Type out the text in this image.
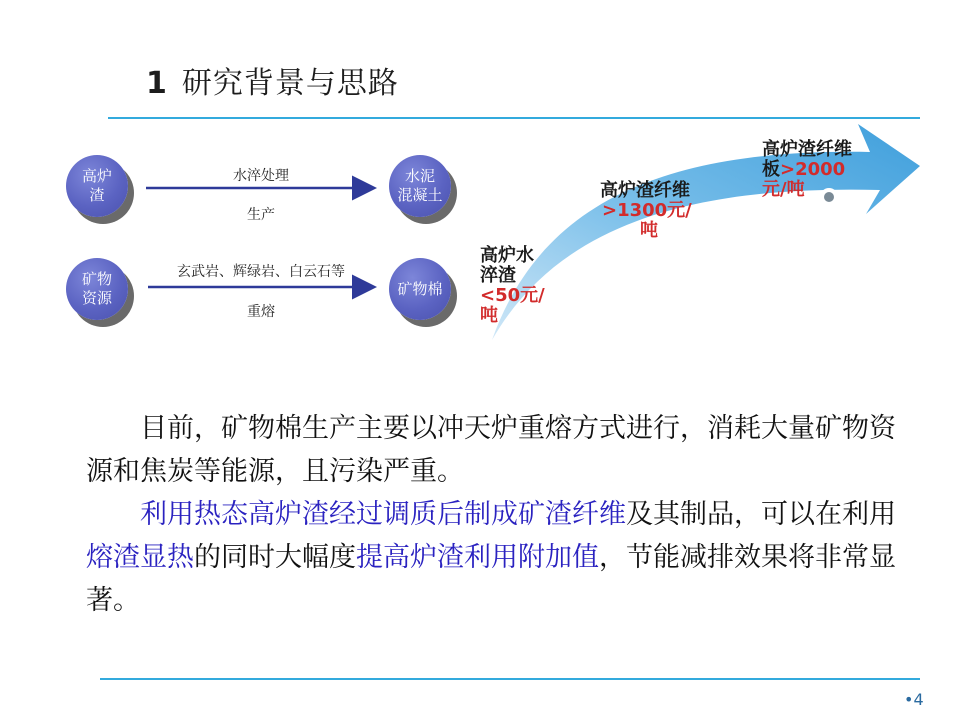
1 研究背景与思路
高炉
渣
水淬处理
生产
水泥
混凝土
矿物
资源
玄武岩、辉绿岩、白云石等
重熔
矿物棉
高炉水
淬渣
<50元/
吨
高炉渣纤维
>1300元/
吨
高炉渣纤维
板>2000
元/吨
目前，矿物棉生产主要以冲天炉重熔方式进行，消耗大量矿物资源和焦炭等能源，且污染严重。
利用热态高炉渣经过调质后制成矿渣纤维及其制品，可以在利用熔渣显热的同时大幅度提高炉渣利用附加值，节能减排效果将非常显著。
•4
